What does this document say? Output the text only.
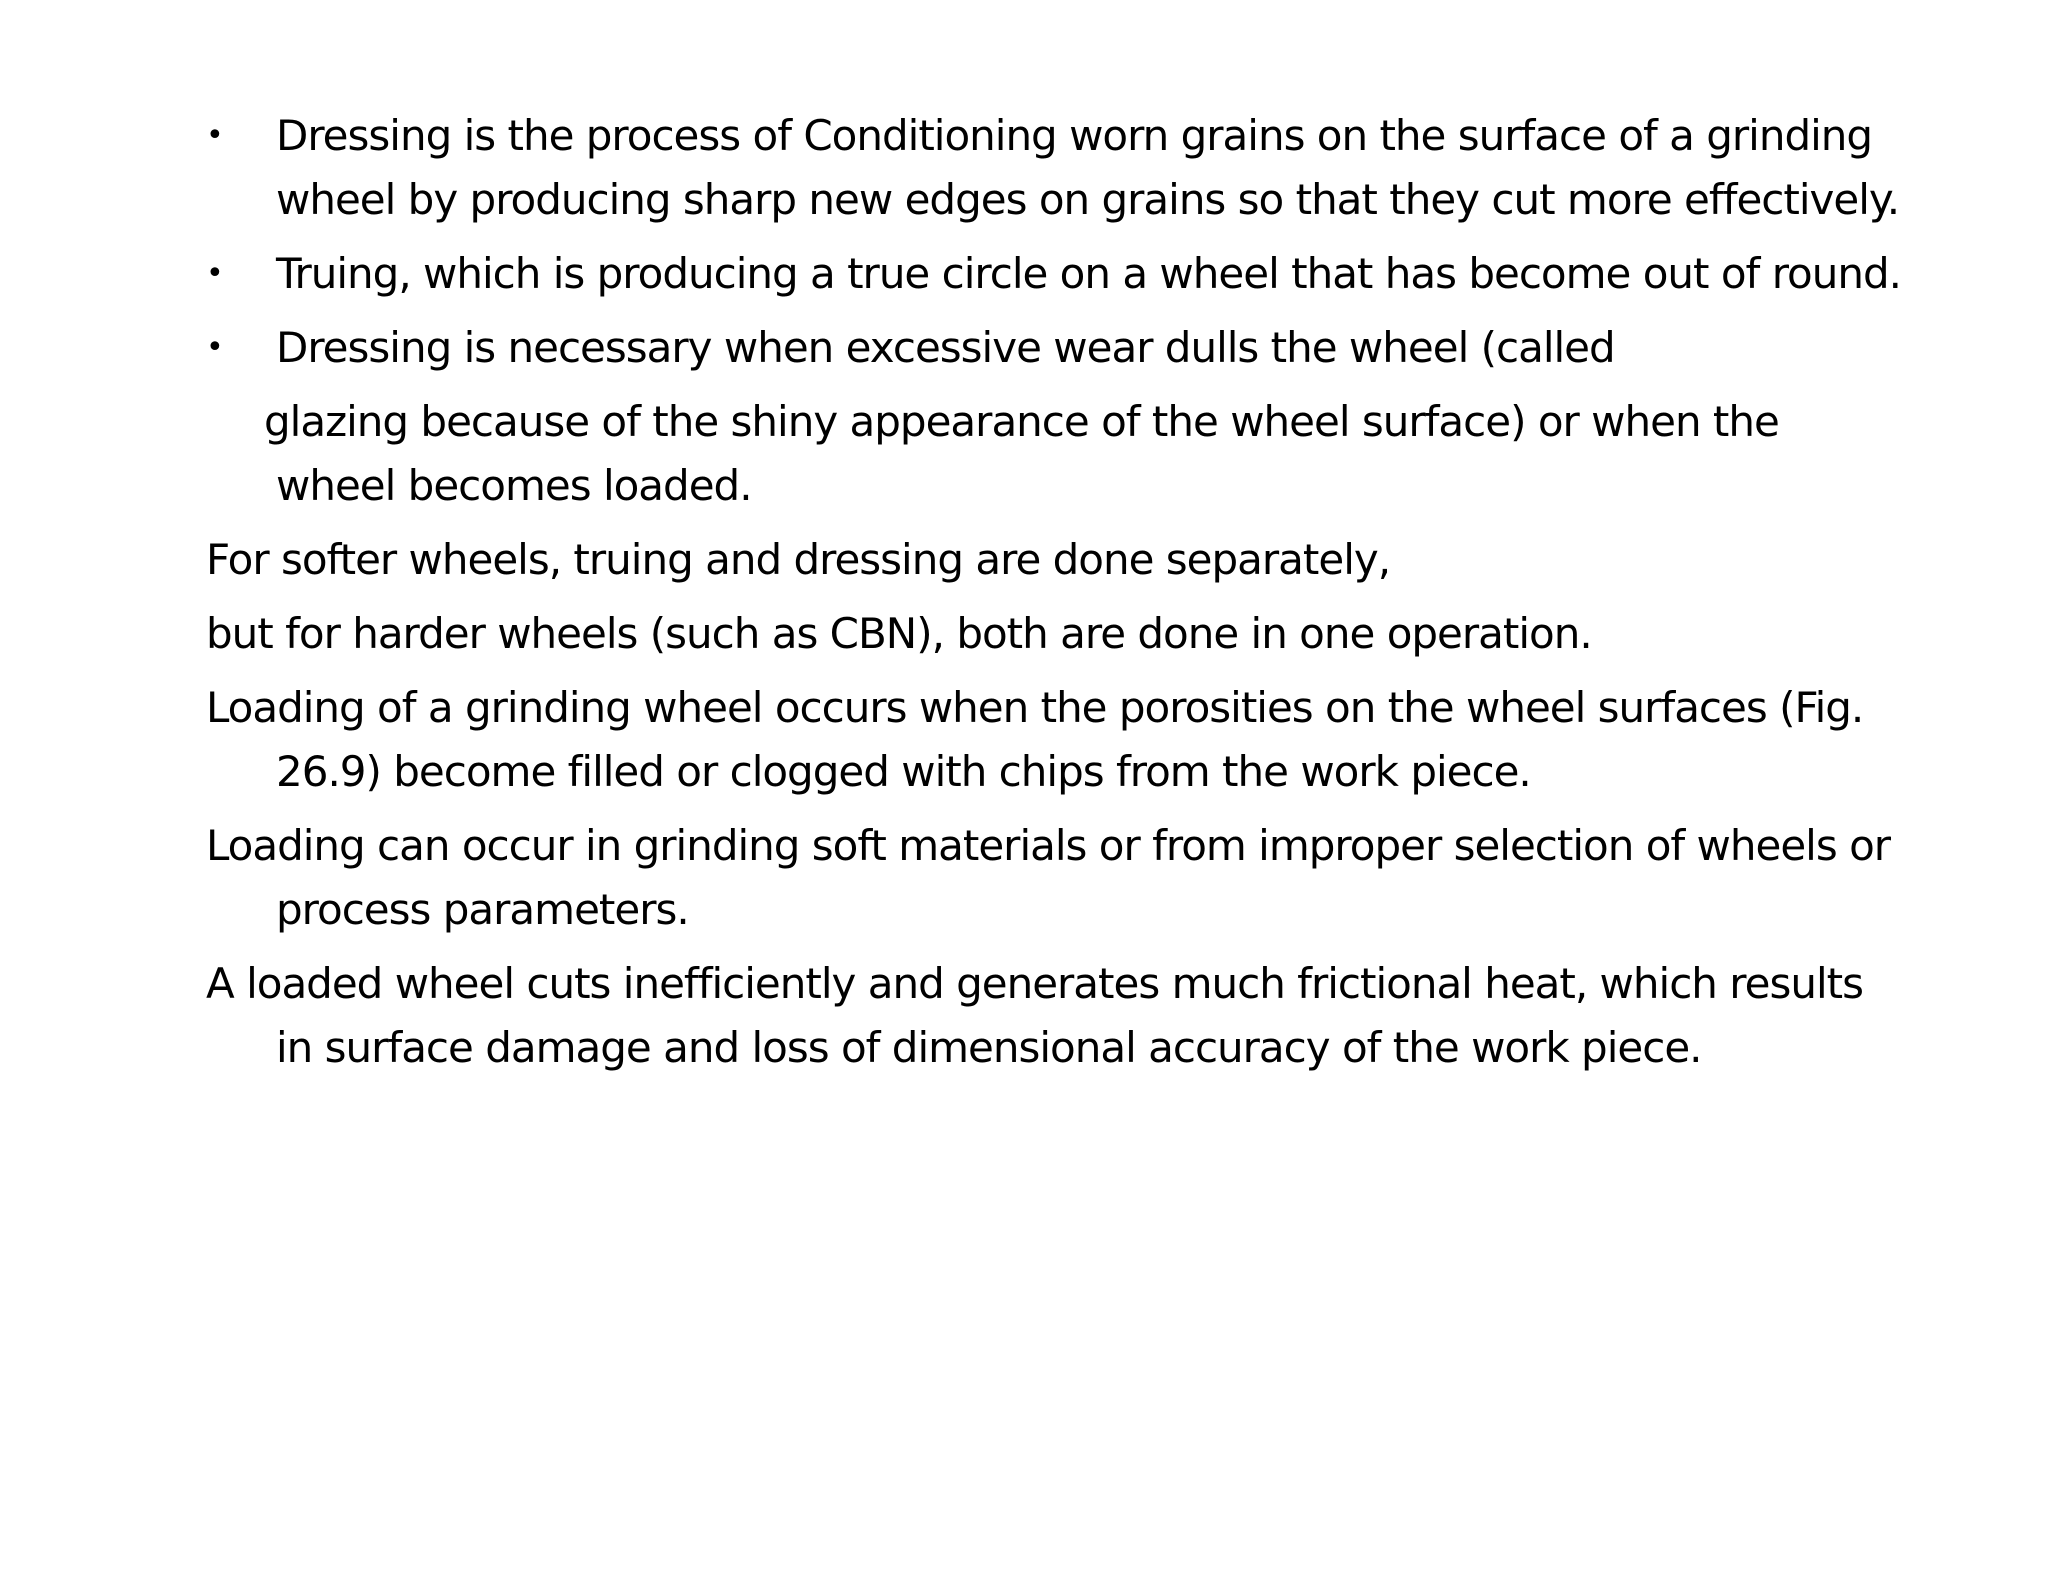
•	Dressing is the process of Conditioning worn grains on the surface of a grinding wheel by producing sharp new edges on grains so that they cut more effectively.
•	Truing, which is producing a true circle on a wheel that has become out of round.
•	Dressing is necessary when excessive wear dulls the wheel (called
glazing because of the shiny appearance of the wheel surface) or when the
wheel becomes loaded.
For softer wheels, truing and dressing are done separately,
but for harder wheels (such as CBN), both are done in one operation.
Loading of a grinding wheel occurs when the porosities on the wheel surfaces (Fig. 26.9) become filled or clogged with chips from the work piece.
Loading can occur in grinding soft materials or from improper selection of wheels or process parameters.
A loaded wheel cuts inefficiently and generates much frictional heat, which results in surface damage and loss of dimensional accuracy of the work piece.
